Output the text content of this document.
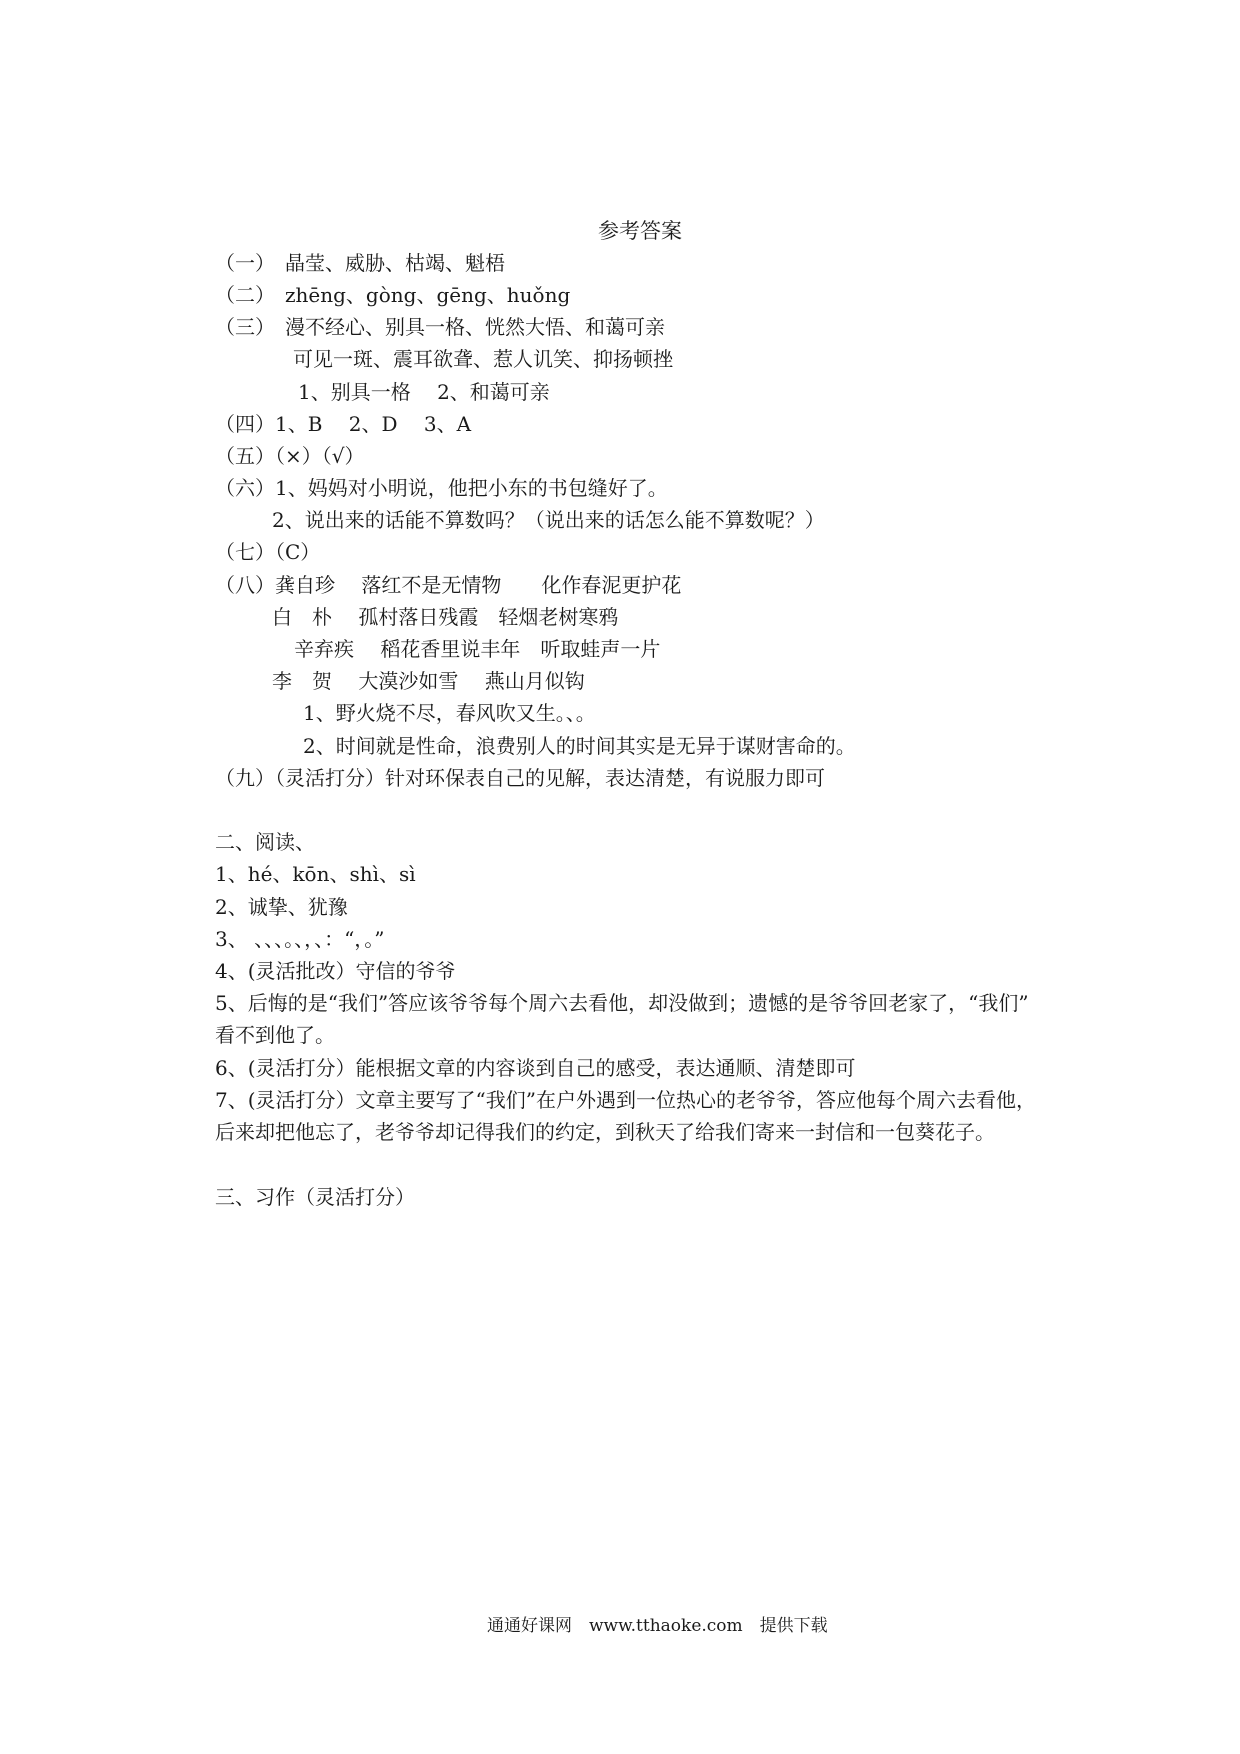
参考答案
（一）　晶莹、威胁、枯竭、魁梧
（二）　zhēng、gòng、gēng、huǒng
（三）　漫不经心、别具一格、恍然大悟、和蔼可亲
可见一斑、震耳欲聋、惹人讥笑、抑扬顿挫
1、别具一格　 2、和蔼可亲
（四）1、B　 2、D　 3、A
（五）（×）（√）
（六）1、妈妈对小明说，他把小东的书包缝好了。
2、说出来的话能不算数吗？（说出来的话怎么能不算数呢？）
（七）（C）
（八）龚自珍　 落红不是无情物　　化作春泥更护花
白　朴　 孤村落日残霞　轻烟老树寒鸦
辛弃疾　 稻花香里说丰年　听取蛙声一片
李　贺　 大漠沙如雪　 燕山月似钩
1、野火烧不尽，春风吹又生。、。
2、时间就是性命，浪费别人的时间其实是无异于谋财害命的。
（九）（灵活打分）针对环保表自己的见解，表达清楚，有说服力即可
二、阅读、
1、hé、kōn、shì、sì
2、诚挚、犹豫
3、 、、、。、，、：“，。”
4、(灵活批改）守信的爷爷
5、后悔的是“我们”答应该爷爷每个周六去看他，却没做到；遗憾的是爷爷回老家了，“我们”
看不到他了。
6、(灵活打分）能根据文章的内容谈到自己的感受，表达通顺、清楚即可
7、(灵活打分）文章主要写了“我们”在户外遇到一位热心的老爷爷，答应他每个周六去看他，
后来却把他忘了，老爷爷却记得我们的约定，到秋天了给我们寄来一封信和一包葵花子。
三、习作（灵活打分）
通通好课网　www.tthaoke.com　提供下载
